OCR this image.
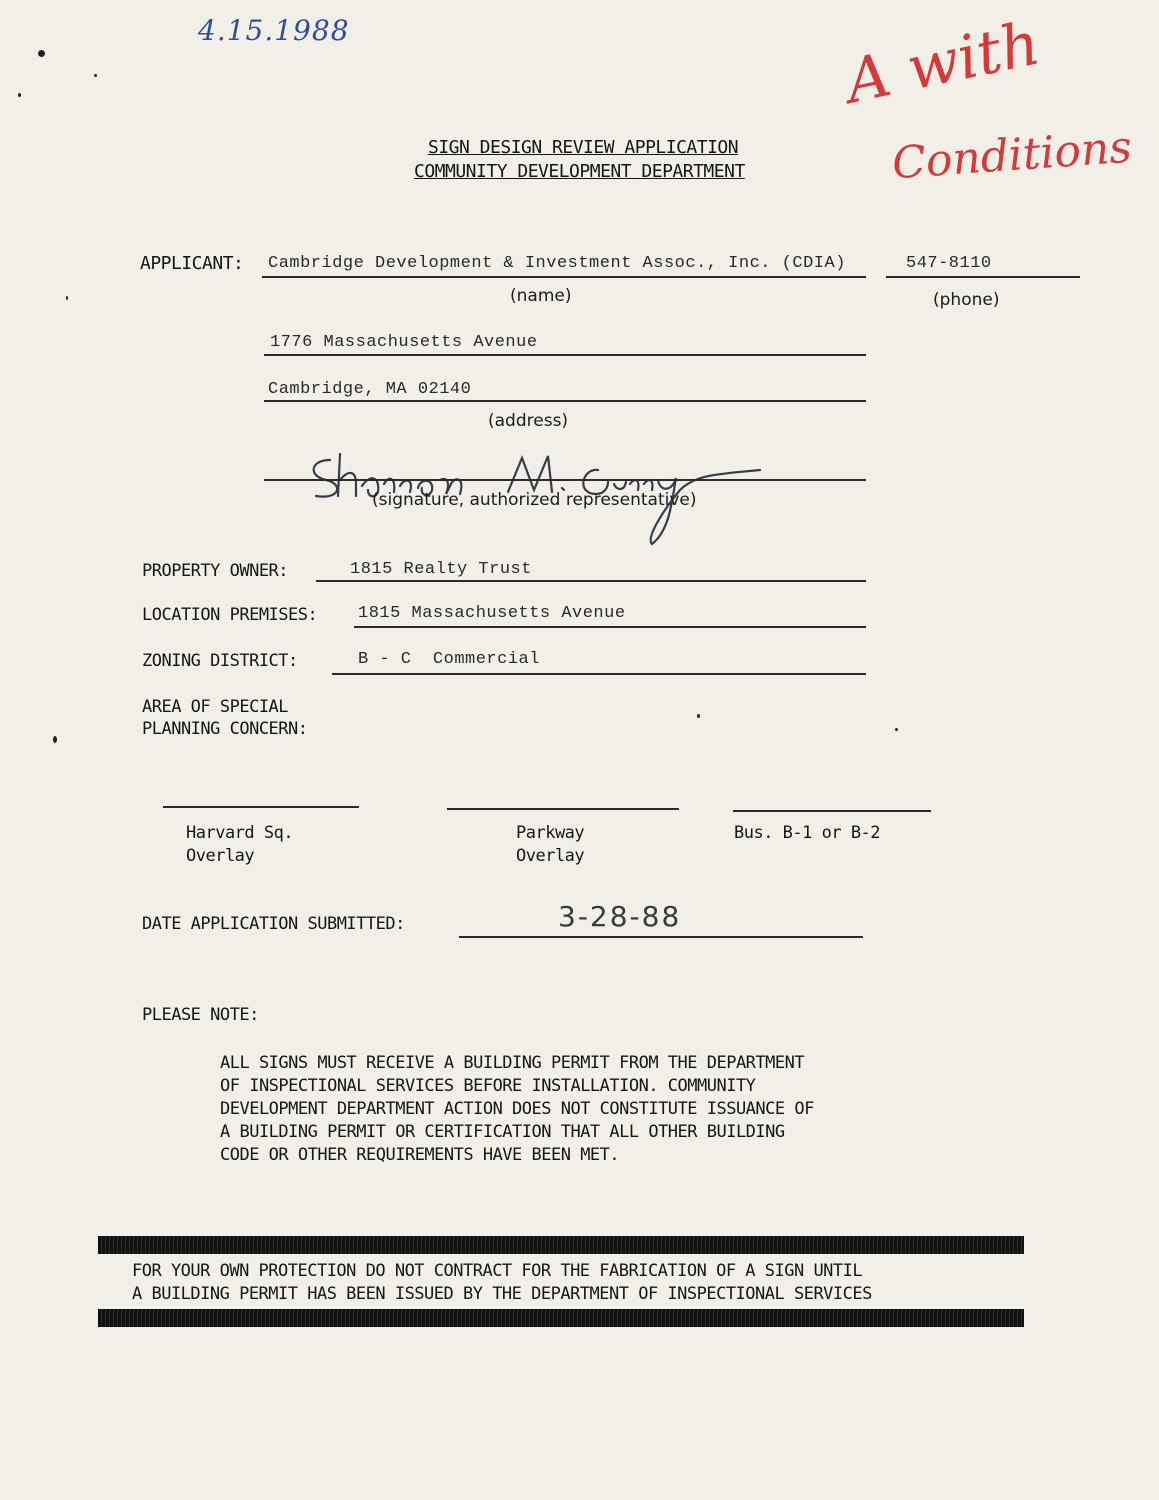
4.15.1988	A with
Conditions
SIGN DESIGN REVIEW APPLICATION
COMMUNITY DEVELOPMENT DEPARTMENT
APPLICANT: Cambridge Development & Investment Assoc., Inc. (CDIA)	547-8110
(name)	(phone)
1776 Massachusetts Avenue
Cambridge, MA 02140
(address)
(signature, authorized representative)
PROPERTY OWNER:	1815 Realty Trust
LOCATION PREMISES: 1815 Massachusetts Avenue
ZONING DISTRICT:	B - C  Commercial
AREA OF SPECIAL
PLANNING CONCERN:
Harvard Sq.
Overlay
Parkway
Overlay
Bus. B-1 or B-2
DATE APPLICATION SUBMITTED:	3-28-88
PLEASE NOTE:

ALL SIGNS MUST RECEIVE A BUILDING PERMIT FROM THE DEPARTMENT

OF INSPECTIONAL SERVICES BEFORE INSTALLATION. COMMUNITY

DEVELOPMENT DEPARTMENT ACTION DOES NOT CONSTITUTE ISSUANCE OF

A BUILDING PERMIT OR CERTIFICATION THAT ALL OTHER BUILDING

CODE OR OTHER REQUIREMENTS HAVE BEEN MET.

FOR YOUR OWN PROTECTION DO NOT CONTRACT FOR THE FABRICATION OF A SIGN UNTIL
A BUILDING PERMIT HAS BEEN ISSUED BY THE DEPARTMENT OF INSPECTIONAL SERVICES
